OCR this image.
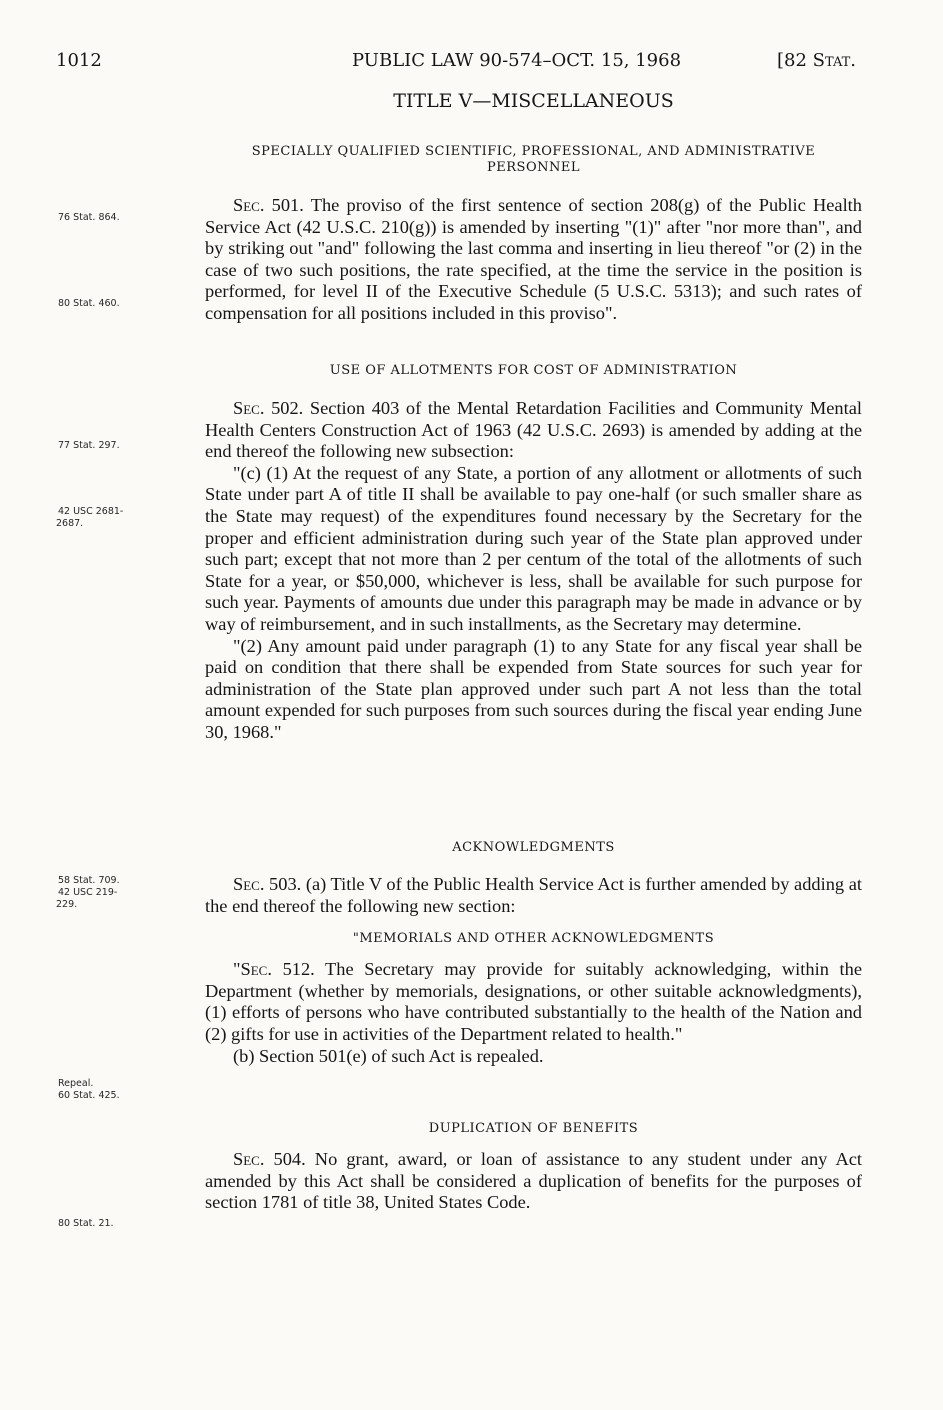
1012	PUBLIC LAW 90-574–OCT. 15, 1968	[82 Stat.
TITLE V—MISCELLANEOUS

SPECIALLY QUALIFIED SCIENTIFIC, PROFESSIONAL, AND ADMINISTRATIVE PERSONNEL

Sec. 501. The proviso of the first sentence of section 208(g) of the Public Health Service Act (42 U.S.C. 210(g)) is amended by inserting "(1)" after "nor more than", and by striking out "and" following the last comma and inserting in lieu thereof "or (2) in the case of two such positions, the rate specified, at the time the service in the position is performed, for level II of the Executive Schedule (5 U.S.C. 5313); and such rates of compensation for all positions included in this proviso".

USE OF ALLOTMENTS FOR COST OF ADMINISTRATION

Sec. 502. Section 403 of the Mental Retardation Facilities and Community Mental Health Centers Construction Act of 1963 (42 U.S.C. 2693) is amended by adding at the end thereof the following new subsection:

"(c) (1) At the request of any State, a portion of any allotment or allotments of such State under part A of title II shall be available to pay one-half (or such smaller share as the State may request) of the expenditures found necessary by the Secretary for the proper and efficient administration during such year of the State plan approved under such part; except that not more than 2 per centum of the total of the allotments of such State for a year, or $50,000, whichever is less, shall be available for such purpose for such year. Payments of amounts due under this paragraph may be made in advance or by way of reimbursement, and in such installments, as the Secretary may determine.

"(2) Any amount paid under paragraph (1) to any State for any fiscal year shall be paid on condition that there shall be expended from State sources for such year for administration of the State plan approved under such part A not less than the total amount expended for such purposes from such sources during the fiscal year ending June 30, 1968."

ACKNOWLEDGMENTS

Sec. 503. (a) Title V of the Public Health Service Act is further amended by adding at the end thereof the following new section:

"MEMORIALS AND OTHER ACKNOWLEDGMENTS

"Sec. 512. The Secretary may provide for suitably acknowledging, within the Department (whether by memorials, designations, or other suitable acknowledgments), (1) efforts of persons who have contributed substantially to the health of the Nation and (2) gifts for use in activities of the Department related to health."

(b) Section 501(e) of such Act is repealed.

DUPLICATION OF BENEFITS

Sec. 504. No grant, award, or loan of assistance to any student under any Act amended by this Act shall be considered a duplication of benefits for the purposes of section 1781 of title 38, United States Code.

76 Stat. 864.
80 Stat. 460.
77 Stat. 297.
42 USC 2681-
2687.
58 Stat. 709.
42 USC 219-
229.
Repeal.
60 Stat. 425.
80 Stat. 21.
